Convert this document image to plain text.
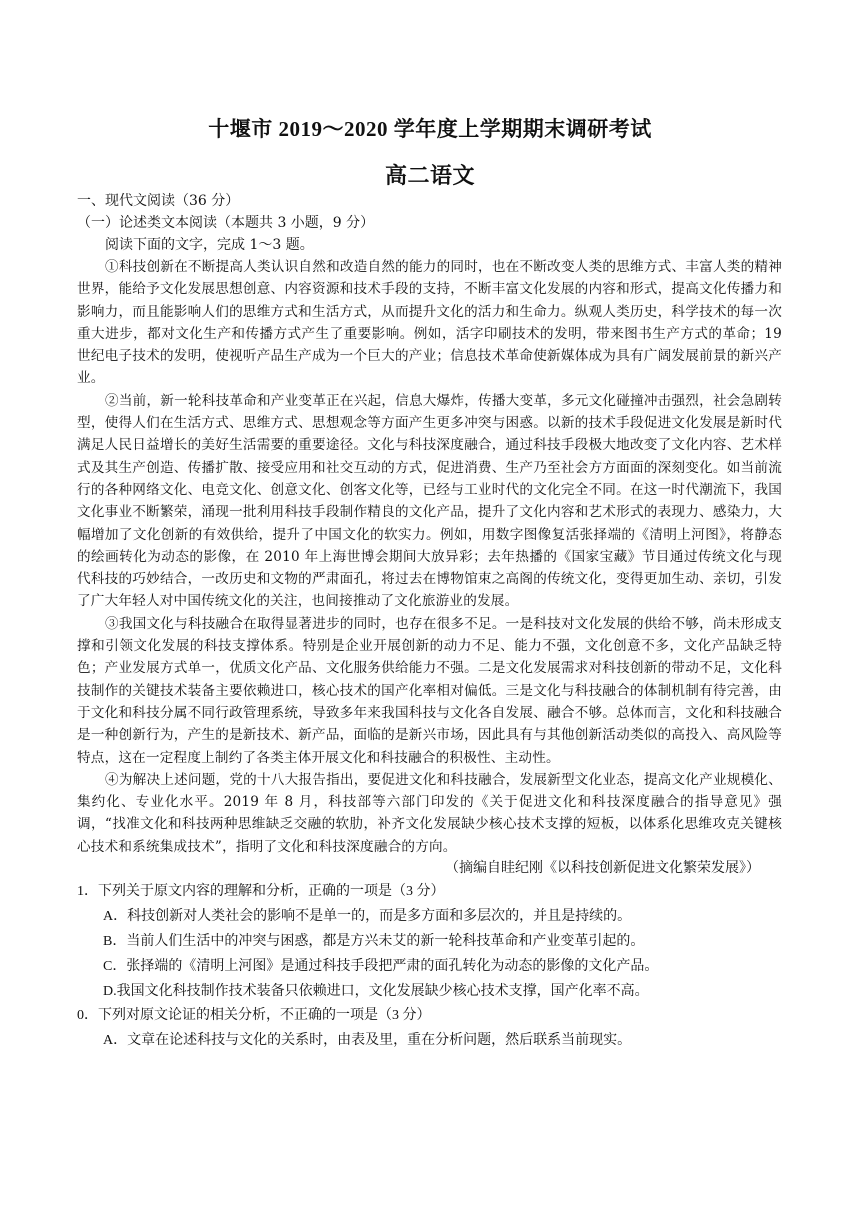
十堰市 2019～2020 学年度上学期期末调研考试
高二语文

一、现代文阅读（36 分）

（一）论述类文本阅读（本题共 3 小题，9 分）

阅读下面的文字，完成 1～3 题。

①科技创新在不断提高人类认识自然和改造自然的能力的同时，也在不断改变人类的思维方式、丰富人类的精神世界，能给予文化发展思想创意、内容资源和技术手段的支持，不断丰富文化发展的内容和形式，提高文化传播力和影响力，而且能影响人们的思维方式和生活方式，从而提升文化的活力和生命力。纵观人类历史，科学技术的每一次重大进步，都对文化生产和传播方式产生了重要影响。例如，活字印刷技术的发明，带来图书生产方式的革命；19 世纪电子技术的发明，使视听产品生产成为一个巨大的产业；信息技术革命使新媒体成为具有广阔发展前景的新兴产业。

②当前，新一轮科技革命和产业变革正在兴起，信息大爆炸，传播大变革，多元文化碰撞冲击强烈，社会急剧转型，使得人们在生活方式、思维方式、思想观念等方面产生更多冲突与困惑。以新的技术手段促进文化发展是新时代满足人民日益增长的美好生活需要的重要途径。文化与科技深度融合，通过科技手段极大地改变了文化内容、艺术样式及其生产创造、传播扩散、接受应用和社交互动的方式，促进消费、生产乃至社会方方面面的深刻变化。如当前流行的各种网络文化、电竞文化、创意文化、创客文化等，已经与工业时代的文化完全不同。在这一时代潮流下，我国文化事业不断繁荣，涌现一批利用科技手段制作精良的文化产品，提升了文化内容和艺术形式的表现力、感染力，大幅增加了文化创新的有效供给，提升了中国文化的软实力。例如，用数字图像复活张择端的《清明上河图》，将静态的绘画转化为动态的影像，在 2010 年上海世博会期间大放异彩；去年热播的《国家宝藏》节目通过传统文化与现代科技的巧妙结合，一改历史和文物的严肃面孔，将过去在博物馆束之高阁的传统文化，变得更加生动、亲切，引发了广大年轻人对中国传统文化的关注，也间接推动了文化旅游业的发展。

③我国文化与科技融合在取得显著进步的同时，也存在很多不足。一是科技对文化发展的供给不够，尚未形成支撑和引领文化发展的科技支撑体系。特别是企业开展创新的动力不足、能力不强，文化创意不多，文化产品缺乏特色；产业发展方式单一，优质文化产品、文化服务供给能力不强。二是文化发展需求对科技创新的带动不足，文化科技制作的关键技术装备主要依赖进口，核心技术的国产化率相对偏低。三是文化与科技融合的体制机制有待完善，由于文化和科技分属不同行政管理系统，导致多年来我国科技与文化各自发展、融合不够。总体而言，文化和科技融合是一种创新行为，产生的是新技术、新产品，面临的是新兴市场，因此具有与其他创新活动类似的高投入、高风险等特点，这在一定程度上制约了各类主体开展文化和科技融合的积极性、主动性。

④为解决上述问题，党的十八大报告指出，要促进文化和科技融合，发展新型文化业态，提高文化产业规模化、集约化、专业化水平。2019 年 8 月，科技部等六部门印发的《关于促进文化和科技深度融合的指导意见》强调，“找准文化和科技两种思维缺乏交融的软肋，补齐文化发展缺少核心技术支撑的短板，以体系化思维攻克关键核心技术和系统集成技术”，指明了文化和科技深度融合的方向。

（摘编自眭纪刚《以科技创新促进文化繁荣发展》）

1．下列关于原文内容的理解和分析，正确的一项是（3 分）

A．科技创新对人类社会的影响不是单一的，而是多方面和多层次的，并且是持续的。

B．当前人们生活中的冲突与困惑，都是方兴未艾的新一轮科技革命和产业变革引起的。

C．张择端的《清明上河图》是通过科技手段把严肃的面孔转化为动态的影像的文化产品。

D.我国文化科技制作技术装备只依赖进口，文化发展缺少核心技术支撑，国产化率不高。

0．下列对原文论证的相关分析，不正确的一项是（3 分）

A．文章在论述科技与文化的关系时，由表及里，重在分析问题，然后联系当前现实。
